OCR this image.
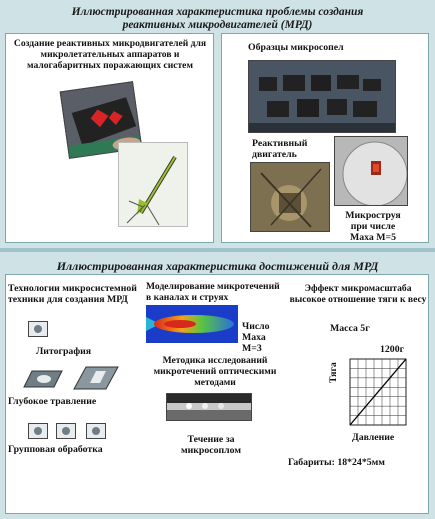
Иллюстрированная характеристика проблемы создания реактивных микродвигателей (МРД)
Создание реактивных микродвигателей для микролетательных аппаратов и малогабаритных поражающих систем
Образцы микросопел
Реактивный двигатель
Микроструя при числе Маха М=5
Иллюстрированная характеристика достижений для МРД
Технологии микросистемной техники для создания МРД
Литография
Глубокое травление
Групповая обработка
Моделирование микротечений в каналах и струях
Число Маха М=3
Методика исследований микротечений оптическими методами
Течение за микросоплом
Эффект микромасштаба высокое отношение тяги к весу
Масса 5г
1200г
Тяга
Давление
Габариты: 18*24*5мм
